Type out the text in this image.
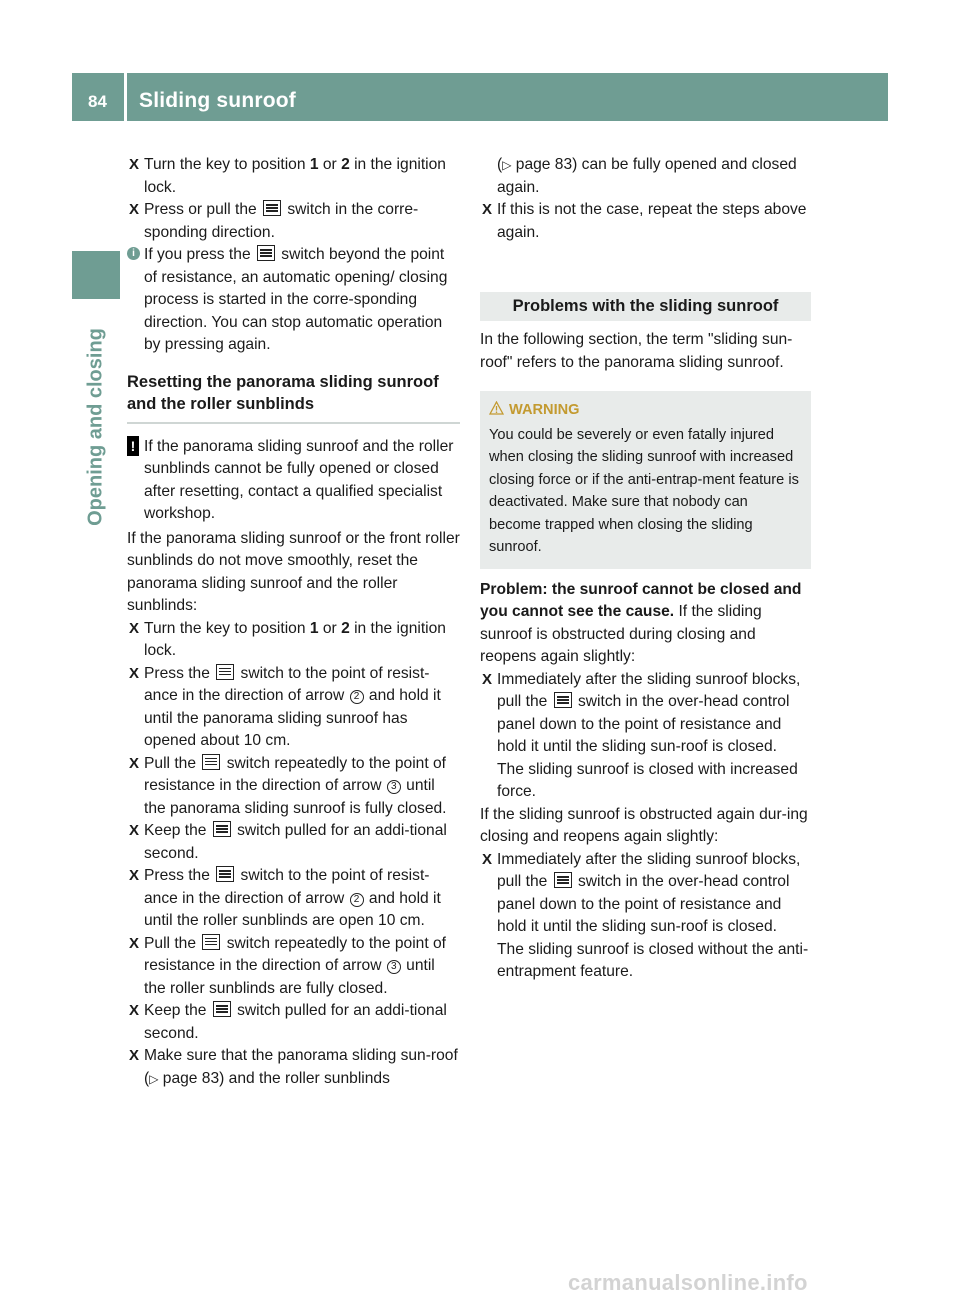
84 Sliding sunroof
Opening and closing
X Turn the key to position 1 or 2 in the ignition lock.
X Press or pull the  switch in the corre-sponding direction.
i If you press the  switch beyond the point of resistance, an automatic opening/ closing process is started in the corre-sponding direction. You can stop automatic operation by pressing again.
Resetting the panorama sliding sunroof and the roller sunblinds
! If the panorama sliding sunroof and the roller sunblinds cannot be fully opened or closed after resetting, contact a qualified specialist workshop.
If the panorama sliding sunroof or the front roller sunblinds do not move smoothly, reset the panorama sliding sunroof and the roller sunblinds:
X Turn the key to position 1 or 2 in the ignition lock.
X Press the  switch to the point of resist-ance in the direction of arrow 2 and hold it until the panorama sliding sunroof has opened about 10 cm.
X Pull the  switch repeatedly to the point of resistance in the direction of arrow 3 until the panorama sliding sunroof is fully closed.
X Keep the  switch pulled for an addi-tional second.
X Press the  switch to the point of resist-ance in the direction of arrow 2 and hold it until the roller sunblinds are open 10 cm.
X Pull the  switch repeatedly to the point of resistance in the direction of arrow 3 until the roller sunblinds are fully closed.
X Keep the  switch pulled for an addi-tional second.
X Make sure that the panorama sliding sun-roof (▷ page 83) and the roller sunblinds
(▷ page 83) can be fully opened and closed again.
X If this is not the case, repeat the steps above again.
Problems with the sliding sunroof
In the following section, the term "sliding sun-roof" refers to the panorama sliding sunroof.
WARNING
You could be severely or even fatally injured when closing the sliding sunroof with increased closing force or if the anti-entrap-ment feature is deactivated. Make sure that nobody can become trapped when closing the sliding sunroof.
Problem: the sunroof cannot be closed and you cannot see the cause. If the sliding sunroof is obstructed during closing and reopens again slightly:
X Immediately after the sliding sunroof blocks, pull the  switch in the over-head control panel down to the point of resistance and hold it until the sliding sun-roof is closed.
The sliding sunroof is closed with increased force.
If the sliding sunroof is obstructed again dur-ing closing and reopens again slightly:
X Immediately after the sliding sunroof blocks, pull the  switch in the over-head control panel down to the point of resistance and hold it until the sliding sun-roof is closed.
The sliding sunroof is closed without the anti-entrapment feature.
carmanualsonline.info
